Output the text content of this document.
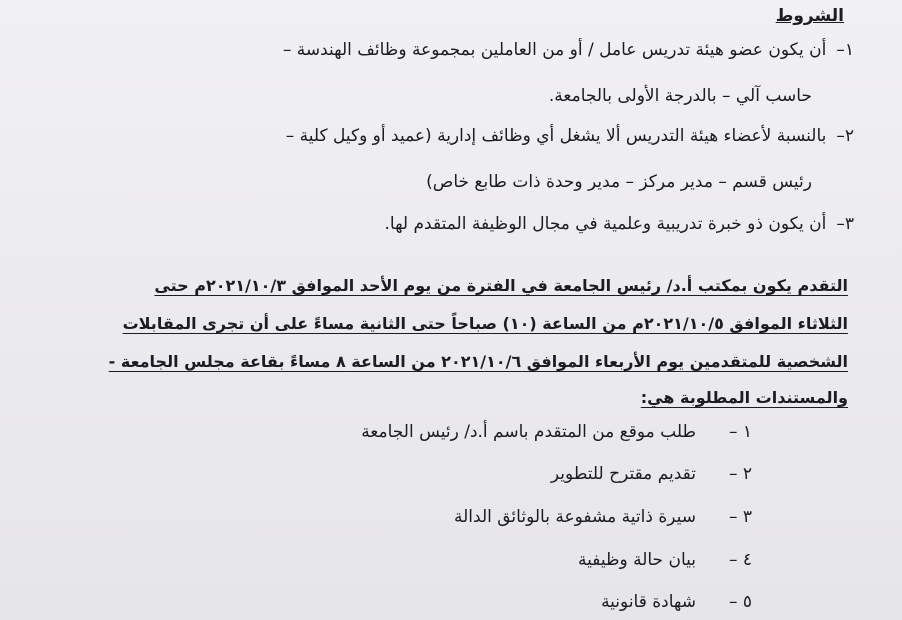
الشروط
١–أن يكون عضو هيئة تدريس عامل / أو من العاملين بمجموعة وظائف الهندسة –
حاسب آلي – بالدرجة الأولى بالجامعة.
٢–بالنسبة لأعضاء هيئة التدريس ألا يشغل أي وظائف إدارية (عميد أو وكيل كلية –
رئيس قسم – مدير مركز – مدير وحدة ذات طابع خاص)
٣–أن يكون ذو خبرة تدريبية وعلمية في مجال الوظيفة المتقدم لها.
التقدم يكون بمكتب أ.د/ رئيس الجامعة في الفترة من يوم الأحد الموافق ٢٠٢١/١٠/٣م حتى
الثلاثاء الموافق ٢٠٢١/١٠/٥م من الساعة (١٠) صباحاً حتى الثانية مساءً على أن تجرى المقابلات
الشخصية للمتقدمين يوم الأربعاء الموافق ٢٠٢١/١٠/٦ من الساعة ٨ مساءً بقاعة مجلس الجامعة -
والمستندات المطلوبة هي:
١ –طلب موقع من المتقدم باسم أ.د/ رئيس الجامعة
٢ –تقديم مقترح للتطوير
٣ –سيرة ذاتية مشفوعة بالوثائق الدالة
٤ –بيان حالة وظيفية
٥ –شهادة قانونية
